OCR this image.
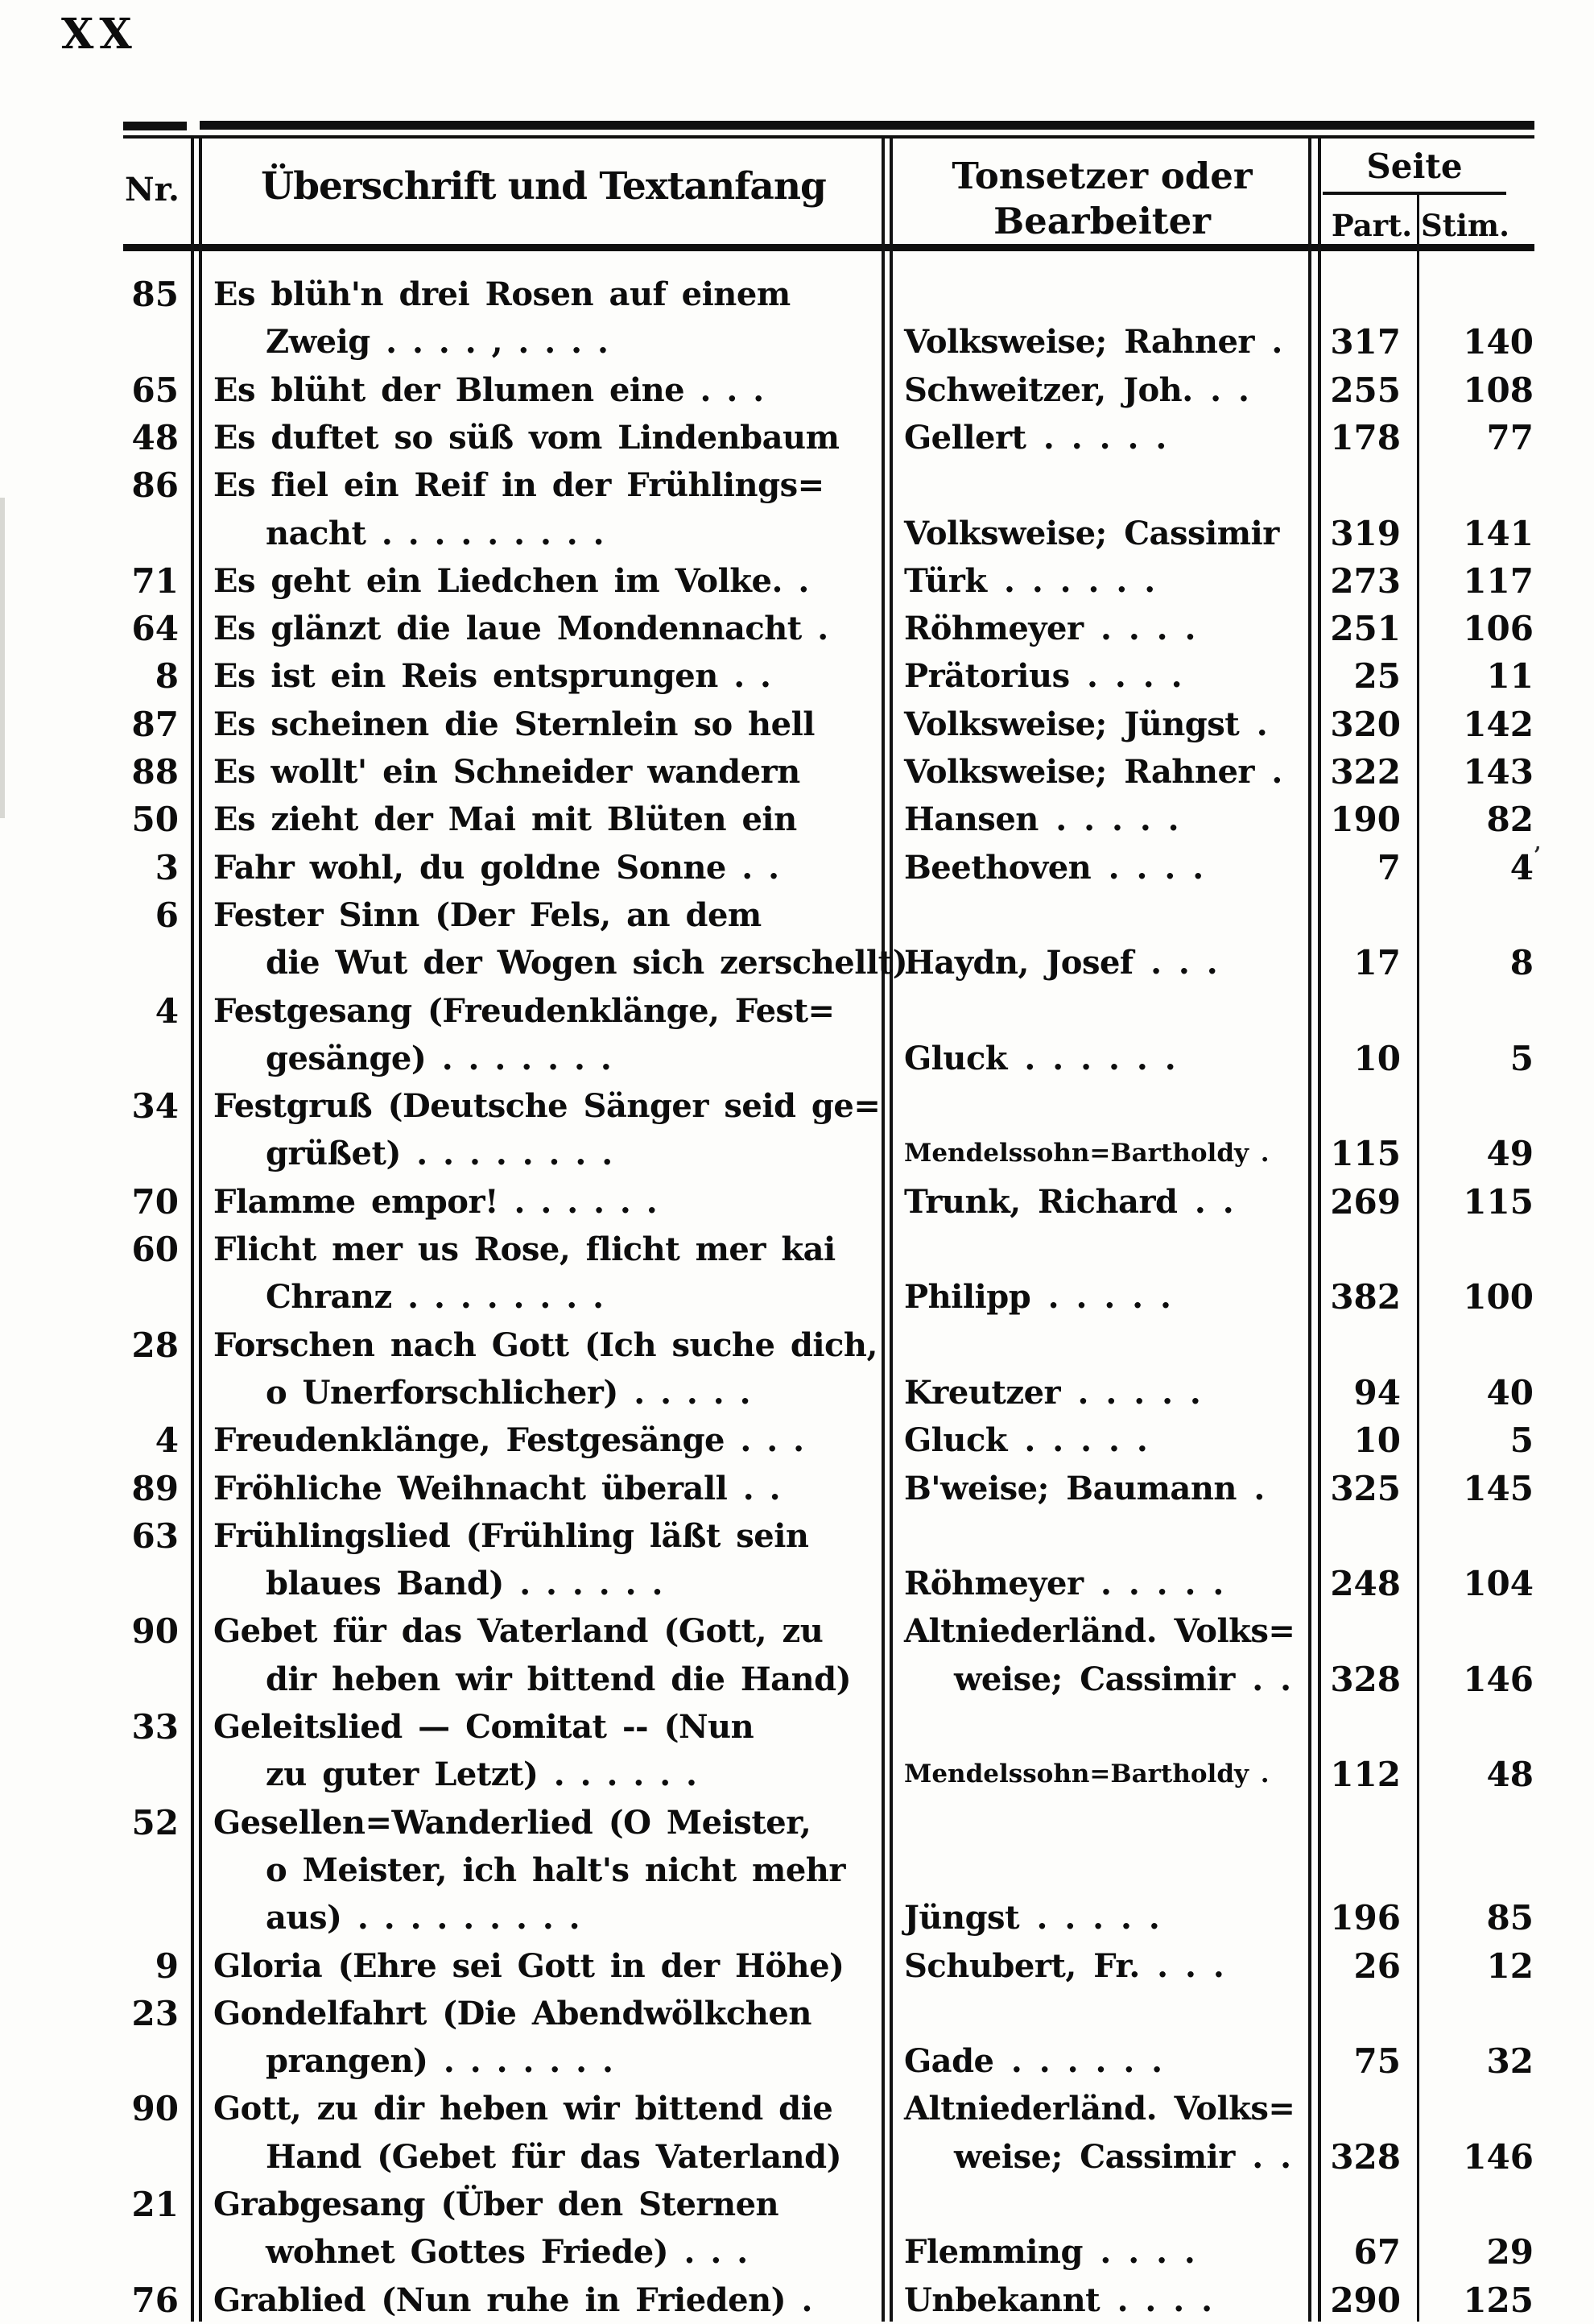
XX
Nr.	Überschrift und Textanfang	Tonsetzer oder
Bearbeiter
Seite
Part. Stim.
85 Es blüh'n drei Rosen auf einem
Zweig . . . . , . . . .	Volksweise; Rahner .	317	140
65 Es blüht der Blumen eine . . .	Schweitzer, Joh. . .	255	108
48 Es duftet so süß vom Lindenbaum	Gellert . . . . .	178	77
86 Es fiel ein Reif in der Frühlings=
nacht . . . . . . . . .	Volksweise; Cassimir	319	141
71 Es geht ein Liedchen im Volke. .	Türk . . . . . .	273	117
64 Es glänzt die laue Mondennacht .	Röhmeyer . . . .	251	106
8 Es ist ein Reis entsprungen . .	Prätorius . . . .	25	11
87 Es scheinen die Sternlein so hell	Volksweise; Jüngst .	320	142
88 Es wollt' ein Schneider wandern	Volksweise; Rahner .	322	143
50 Es zieht der Mai mit Blüten ein	Hansen . . . . .	190	82
3 Fahr wohl, du goldne Sonne . .	Beethoven . . . .	7	4
6 Fester Sinn (Der Fels, an dem
die Wut der Wogen sich zerschellt)
Haydn, Josef . . .	17	8
4 Festgesang (Freudenklänge, Fest=
gesänge) . . . . . . .	Gluck . . . . . .	10	5
34 Festgruß (Deutsche Sänger seid ge=
grüßet) . . . . . . . .	Mendelssohn=Bartholdy .	115	49
70 Flamme empor! . . . . . .	Trunk, Richard . .	269	115
60 Flicht mer us Rose, flicht mer kai
Chranz . . . . . . . .	Philipp . . . . .	382	100
28 Forschen nach Gott (Ich suche dich,
o Unerforschlicher) . . . . .	Kreutzer . . . . .	94	40
4 Freudenklänge, Festgesänge . . .	Gluck . . . . .	10	5
89 Fröhliche Weihnacht überall . .	B'weise; Baumann .	325	145
63 Frühlingslied (Frühling läßt sein
blaues Band) . . . . . .	Röhmeyer . . . . .	248	104
90 Gebet für das Vaterland (Gott, zu	Altniederländ. Volks=
dir heben wir bittend die Hand)	weise; Cassimir . .	328	146
33 Geleitslied — Comitat -- (Nun
zu guter Letzt) . . . . . .	Mendelssohn=Bartholdy .	112	48
52 Gesellen=Wanderlied (O Meister,
o Meister, ich halt's nicht mehr
aus) . . . . . . . . .	Jüngst . . . . .	196	85
9 Gloria (Ehre sei Gott in der Höhe)	Schubert, Fr. . . .	26	12
23 Gondelfahrt (Die Abendwölkchen
prangen) . . . . . . .	Gade . . . . . .	75	32
90 Gott, zu dir heben wir bittend die	Altniederländ. Volks=
Hand (Gebet für das Vaterland)	weise; Cassimir . .	328	146
21 Grabgesang (Über den Sternen
wohnet Gottes Friede) . . .	Flemming . . . .	67	29
76 Grablied (Nun ruhe in Frieden) .	Unbekannt . . . .	290	125
,
